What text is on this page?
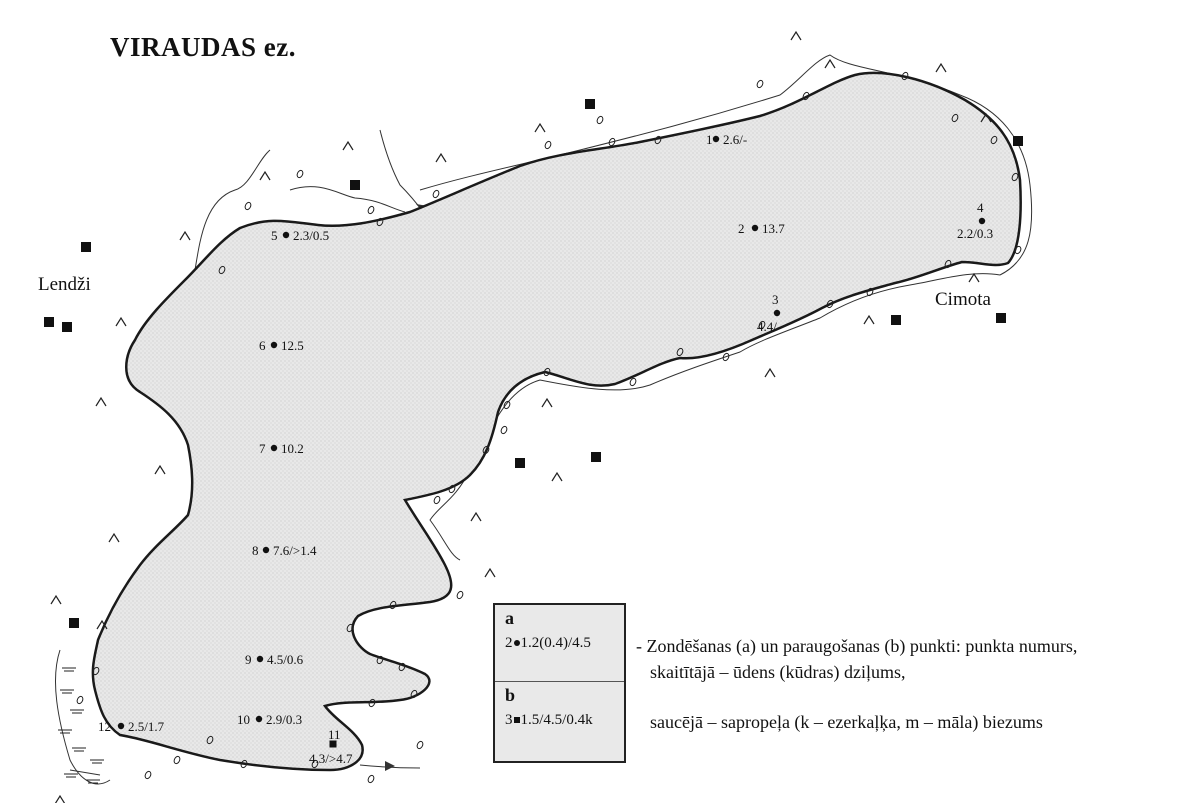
1 2.6/-
2 13.7
3
4.4/-
4
2.2/0.3
5 2.3/0.5
6 12.5
7 10.2
8 7.6/>1.4
9 4.5/0.6
10 2.9/0.3
11
4.3/>4.7
12 2.5/1.7
VIRAUDAS ez.
Lendži
Cimota
a
2 1.2(0.4)/4.5
b
3 1.5/4.5/0.4k
- Zondēšanas (a) un paraugošanas (b) punkti: punkta numurs,
skaitītājā – ūdens (kūdras) dziļums,
saucējā – sapropeļa (k – ezerkaļķa, m – māla) biezums
